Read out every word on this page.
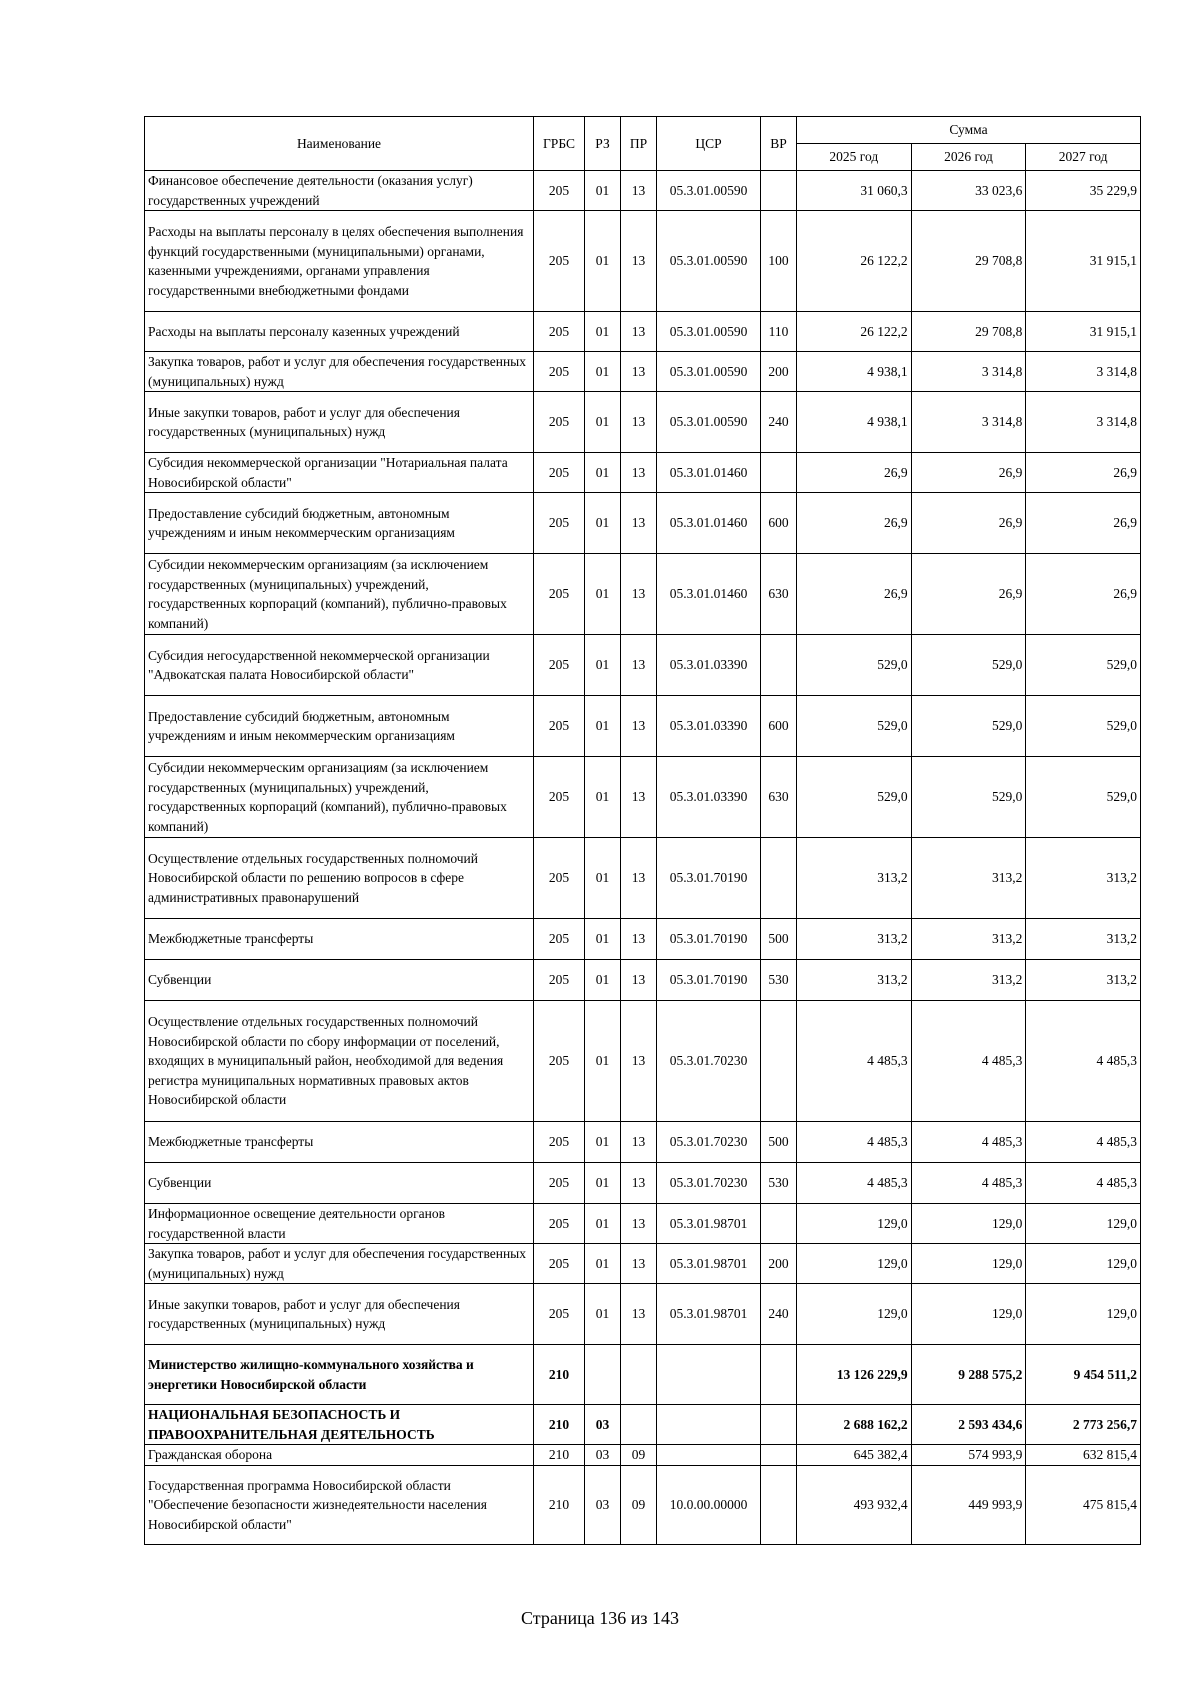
Наименование	ГРБС	РЗ	ПР	ЦСР	ВР	Сумма		
						2025 год	2026 год	2027 год
Финансовое обеспечение деятельности (оказания услуг) государственных учреждений	205	01	13	05.3.01.00590		31 060,3	33 023,6	35 229,9
Расходы на выплаты персоналу в целях обеспечения выполнения функций государственными (муниципальными) органами, казенными учреждениями, органами управления государственными внебюджетными фондами	205	01	13	05.3.01.00590	100	26 122,2	29 708,8	31 915,1
Расходы на выплаты персоналу казенных учреждений	205	01	13	05.3.01.00590	110	26 122,2	29 708,8	31 915,1
Закупка товаров, работ и услуг для обеспечения государственных (муниципальных) нужд	205	01	13	05.3.01.00590	200	4 938,1	3 314,8	3 314,8
Иные закупки товаров, работ и услуг для обеспечения государственных (муниципальных) нужд	205	01	13	05.3.01.00590	240	4 938,1	3 314,8	3 314,8
Субсидия некоммерческой организации "Нотариальная палата Новосибирской области"	205	01	13	05.3.01.01460		26,9	26,9	26,9
Предоставление субсидий бюджетным, автономным учреждениям и иным некоммерческим организациям	205	01	13	05.3.01.01460	600	26,9	26,9	26,9
Субсидии некоммерческим организациям (за исключением государственных (муниципальных) учреждений, государственных корпораций (компаний), публично-правовых компаний)	205	01	13	05.3.01.01460	630	26,9	26,9	26,9
Субсидия негосударственной некоммерческой организации "Адвокатская палата Новосибирской области"	205	01	13	05.3.01.03390		529,0	529,0	529,0
Предоставление субсидий бюджетным, автономным учреждениям и иным некоммерческим организациям	205	01	13	05.3.01.03390	600	529,0	529,0	529,0
Субсидии некоммерческим организациям (за исключением государственных (муниципальных) учреждений, государственных корпораций (компаний), публично-правовых компаний)	205	01	13	05.3.01.03390	630	529,0	529,0	529,0
Осуществление отдельных государственных полномочий Новосибирской области по решению вопросов в сфере административных правонарушений	205	01	13	05.3.01.70190		313,2	313,2	313,2
Межбюджетные трансферты	205	01	13	05.3.01.70190	500	313,2	313,2	313,2
Субвенции	205	01	13	05.3.01.70190	530	313,2	313,2	313,2
Осуществление отдельных государственных полномочий Новосибирской области по сбору информации от поселений, входящих в муниципальный район, необходимой для ведения регистра муниципальных нормативных правовых актов Новосибирской области	205	01	13	05.3.01.70230		4 485,3	4 485,3	4 485,3
Межбюджетные трансферты	205	01	13	05.3.01.70230	500	4 485,3	4 485,3	4 485,3
Субвенции	205	01	13	05.3.01.70230	530	4 485,3	4 485,3	4 485,3
Информационное освещение деятельности органов государственной власти	205	01	13	05.3.01.98701		129,0	129,0	129,0
Закупка товаров, работ и услуг для обеспечения государственных (муниципальных) нужд	205	01	13	05.3.01.98701	200	129,0	129,0	129,0
Иные закупки товаров, работ и услуг для обеспечения государственных (муниципальных) нужд	205	01	13	05.3.01.98701	240	129,0	129,0	129,0
Министерство жилищно-коммунального хозяйства и энергетики Новосибирской области	210					13 126 229,9	9 288 575,2	9 454 511,2
НАЦИОНАЛЬНАЯ БЕЗОПАСНОСТЬ И ПРАВООХРАНИТЕЛЬНАЯ ДЕЯТЕЛЬНОСТЬ	210	03				2 688 162,2	2 593 434,6	2 773 256,7
Гражданская оборона	210	03	09			645 382,4	574 993,9	632 815,4
Государственная программа Новосибирской области "Обеспечение безопасности жизнедеятельности населения Новосибирской области"	210	03	09	10.0.00.00000		493 932,4	449 993,9	475 815,4
Страница 136 из 143
